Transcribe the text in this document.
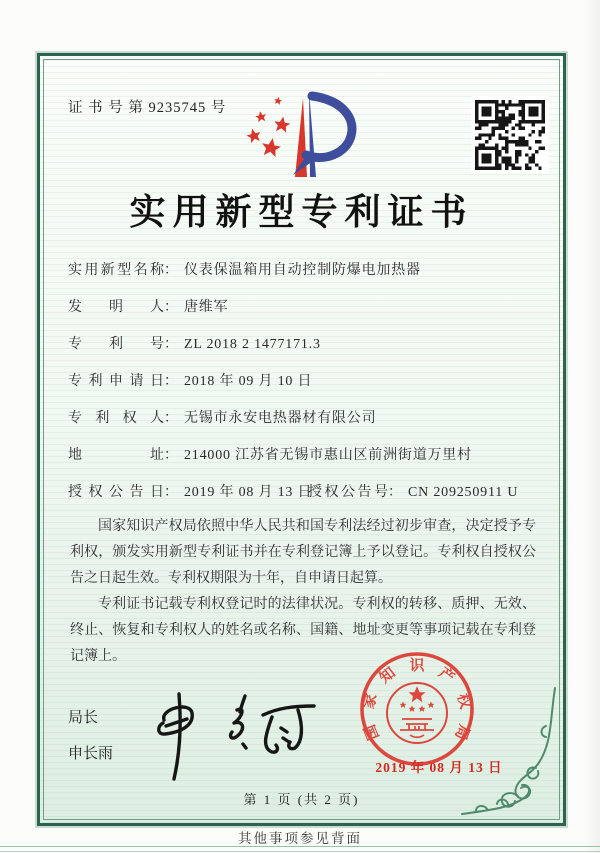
证 书 号 第 9235745 号
实用新型专利证书
实用新型名称： 仪表保温箱用自动控制防爆电加热器
发明人： 唐维军
专利号： ZL 2018 2 1477171.3
专利申请日： 2018 年 09 月 10 日
专利权人： 无锡市永安电热器材有限公司
地址： 214000 江苏省无锡市惠山区前洲街道万里村
授权公告日： 2019 年 08 月 13 日
授权公告号： CN 209250911 U

国家知识产权局依照中华人民共和国专利法经过初步审查，决定授予专利权，颁发实用新型专利证书并在专利登记簿上予以登记。专利权自授权公告之日起生效。专利权期限为十年，自申请日起算。

专利证书记载专利权登记时的法律状况。专利权的转移、质押、无效、终止、恢复和专利权人的姓名或名称、国籍、地址变更等事项记载在专利登记簿上。

局长
申长雨
国
家
知 识 产
权
局
2019 年 08 月 13 日
第 1 页 (共 2 页)
其他事项参见背面
